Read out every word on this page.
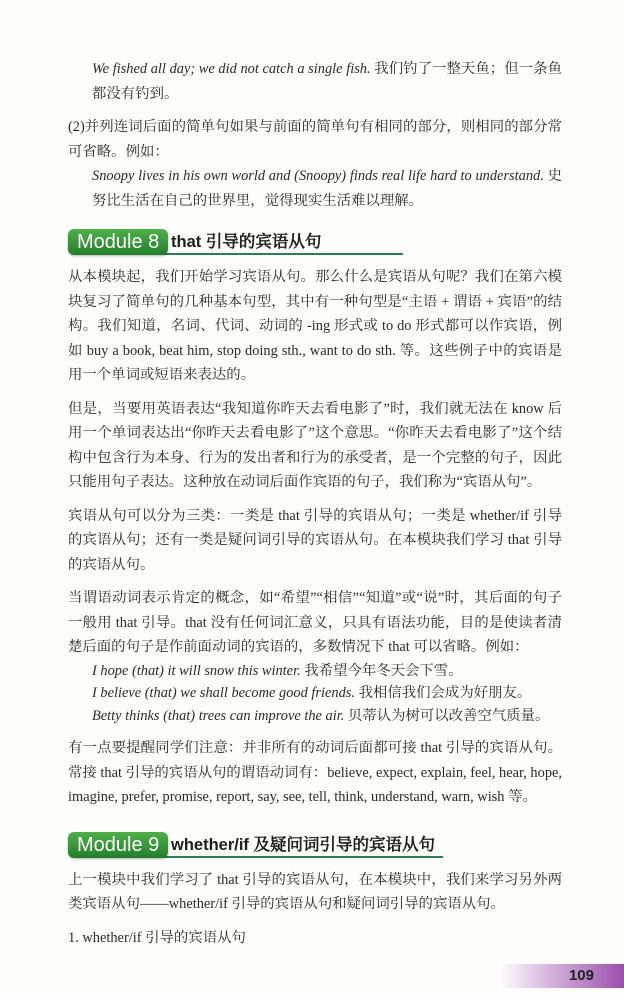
We fished all day; we did not catch a single fish. 我们钓了一整天鱼；但一条鱼都没有钓到。
(2)并列连词后面的简单句如果与前面的简单句有相同的部分，则相同的部分常可省略。例如：
Snoopy lives in his own world and (Snoopy) finds real life hard to understand. 史努比生活在自己的世界里，觉得现实生活难以理解。
Module 8 that 引导的宾语从句
从本模块起，我们开始学习宾语从句。那么什么是宾语从句呢？我们在第六模块复习了简单句的几种基本句型，其中有一种句型是“主语 + 谓语 + 宾语”的结构。我们知道，名词、代词、动词的 -ing 形式或 to do 形式都可以作宾语，例如 buy a book, beat him, stop doing sth., want to do sth. 等。这些例子中的宾语是用一个单词或短语来表达的。
但是，当要用英语表达“我知道你昨天去看电影了”时，我们就无法在 know 后用一个单词表达出“你昨天去看电影了”这个意思。“你昨天去看电影了”这个结构中包含行为本身、行为的发出者和行为的承受者，是一个完整的句子，因此只能用句子表达。这种放在动词后面作宾语的句子，我们称为“宾语从句”。
宾语从句可以分为三类：一类是 that 引导的宾语从句；一类是 whether/if 引导的宾语从句；还有一类是疑问词引导的宾语从句。在本模块我们学习 that 引导的宾语从句。
当谓语动词表示肯定的概念，如“希望”“相信”“知道”或“说”时，其后面的句子一般用 that 引导。that 没有任何词汇意义，只具有语法功能，目的是使读者清楚后面的句子是作前面动词的宾语的，多数情况下 that 可以省略。例如：
I hope (that) it will snow this winter. 我希望今年冬天会下雪。
I believe (that) we shall become good friends. 我相信我们会成为好朋友。
Betty thinks (that) trees can improve the air. 贝蒂认为树可以改善空气质量。
有一点要提醒同学们注意：并非所有的动词后面都可接 that 引导的宾语从句。常接 that 引导的宾语从句的谓语动词有：believe, expect, explain, feel, hear, hope, imagine, prefer, promise, report, say, see, tell, think, understand, warn, wish 等。
Module 9 whether/if 及疑问词引导的宾语从句
上一模块中我们学习了 that 引导的宾语从句，在本模块中，我们来学习另外两类宾语从句——whether/if 引导的宾语从句和疑问词引导的宾语从句。
1. whether/if 引导的宾语从句
109
